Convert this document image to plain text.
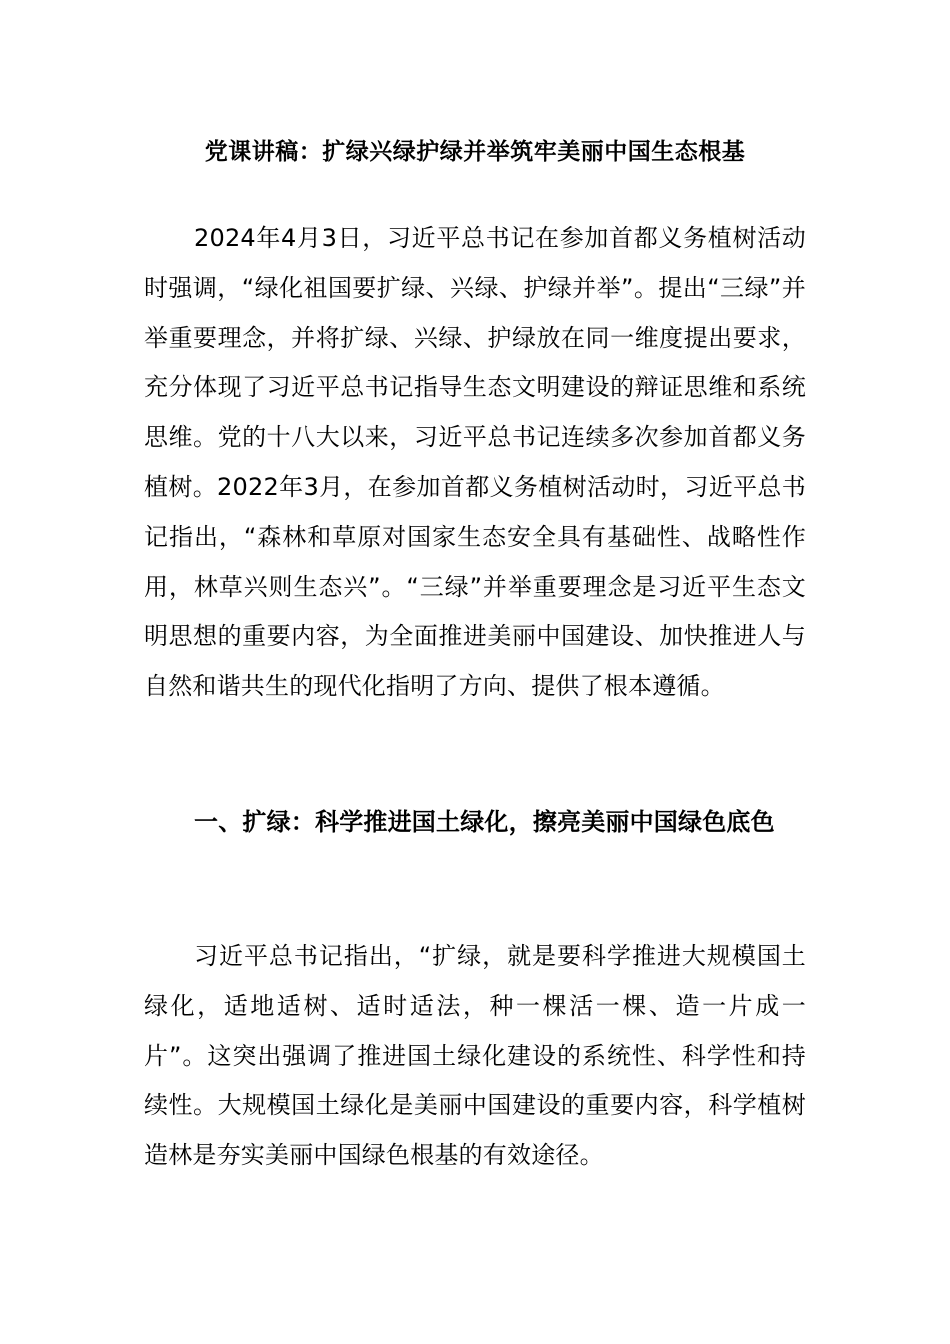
党课讲稿：扩绿兴绿护绿并举筑牢美丽中国生态根基

2024年4月3日，习近平总书记在参加首都义务植树活动时强调，“绿化祖国要扩绿、兴绿、护绿并举”。提出“三绿”并举重要理念，并将扩绿、兴绿、护绿放在同一维度提出要求，充分体现了习近平总书记指导生态文明建设的辩证思维和系统思维。党的十八大以来，习近平总书记连续多次参加首都义务植树。2022年3月，在参加首都义务植树活动时，习近平总书记指出，“森林和草原对国家生态安全具有基础性、战略性作用，林草兴则生态兴”。“三绿”并举重要理念是习近平生态文明思想的重要内容，为全面推进美丽中国建设、加快推进人与自然和谐共生的现代化指明了方向、提供了根本遵循。

一、扩绿：科学推进国土绿化，擦亮美丽中国绿色底色

习近平总书记指出，“扩绿，就是要科学推进大规模国土绿化，适地适树、适时适法，种一棵活一棵、造一片成一片”。这突出强调了推进国土绿化建设的系统性、科学性和持续性。大规模国土绿化是美丽中国建设的重要内容，科学植树造林是夯实美丽中国绿色根基的有效途径。
